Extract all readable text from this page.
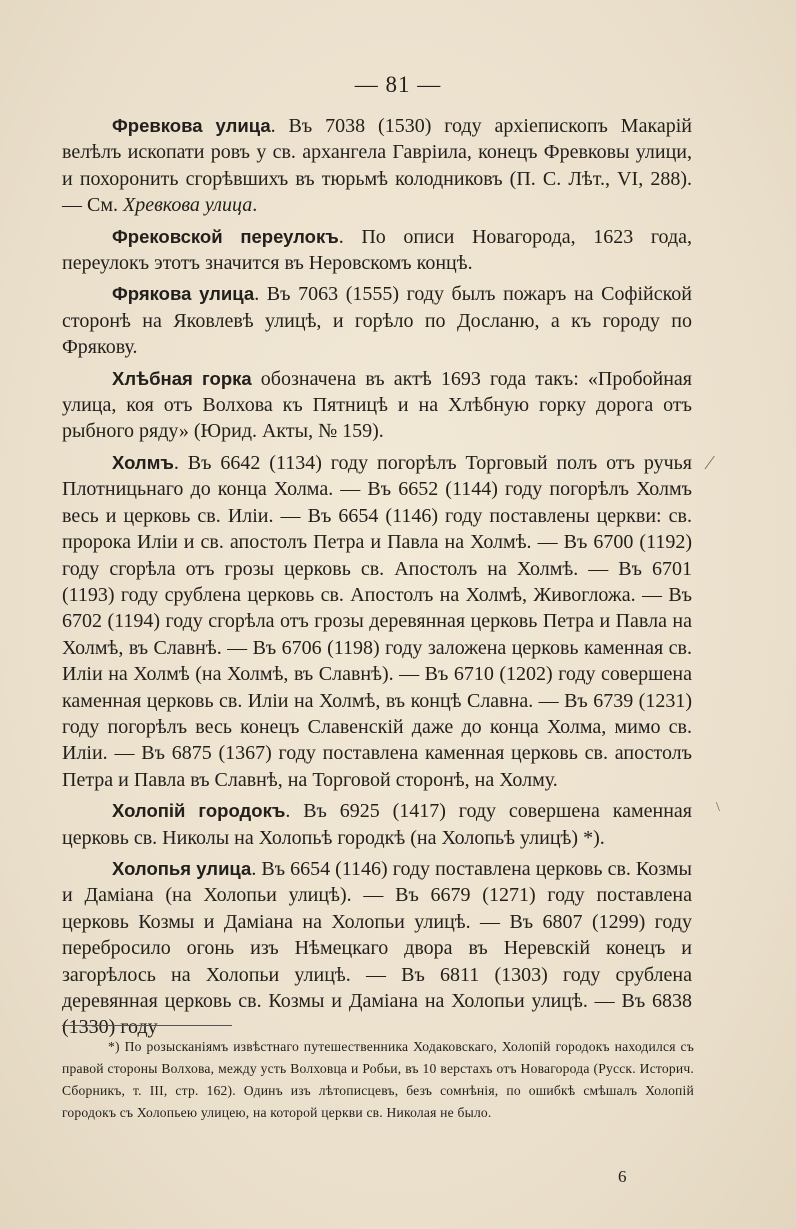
— 81 —

Фревкова улица. Въ 7038 (1530) году архіепископъ Макарій велѣлъ ископати ровъ у св. архангела Гавріила, конецъ Фревковы улици, и похоронить сгорѣвшихъ въ тюрьмѣ колодниковъ (П. С. Лѣт., VI, 288). — См. Хревкова улица.

Фрековской переулокъ. По описи Новагорода, 1623 года, переулокъ этотъ значится въ Неровскомъ концѣ.

Фрякова улица. Въ 7063 (1555) году былъ пожаръ на Софійской сторонѣ на Яковлевѣ улицѣ, и горѣло по Досланю, а къ городу по Фрякову.

Хлѣбная горка обозначена въ актѣ 1693 года такъ: «Пробойная улица, коя отъ Волхова къ Пятницѣ и на Хлѣбную горку дорога отъ рыбного ряду» (Юрид. Акты, № 159).

Холмъ. Въ 6642 (1134) году погорѣлъ Торговый полъ отъ ручья Плотницьнаго до конца Холма. — Въ 6652 (1144) году погорѣлъ Холмъ весь и церковь св. Иліи. — Въ 6654 (1146) году поставлены церкви: св. пророка Иліи и св. апостолъ Петра и Павла на Холмѣ. — Въ 6700 (1192) году сгорѣла отъ грозы церковь св. Апостолъ на Холмѣ. — Въ 6701 (1193) году срублена церковь св. Апостолъ на Холмѣ, Живогложа. — Въ 6702 (1194) году сгорѣла отъ грозы деревянная церковь Петра и Павла на Холмѣ, въ Славнѣ. — Въ 6706 (1198) году заложена церковь каменная св. Иліи на Холмѣ (на Холмѣ, въ Славнѣ). — Въ 6710 (1202) году совершена каменная церковь св. Иліи на Холмѣ, въ концѣ Славна. — Въ 6739 (1231) году погорѣлъ весь конецъ Славенскій даже до конца Холма, мимо св. Иліи. — Въ 6875 (1367) году поставлена каменная церковь св. апостолъ Петра и Павла въ Славнѣ, на Торговой сторонѣ, на Холму.

Холопій городокъ. Въ 6925 (1417) году совершена каменная церковь св. Николы на Холопьѣ городкѣ (на Холопьѣ улицѣ) *).

Холопья улица. Въ 6654 (1146) году поставлена церковь св. Козмы и Даміана (на Холопьи улицѣ). — Въ 6679 (1271) году поставлена церковь Козмы и Даміана на Холопьи улицѣ. — Въ 6807 (1299) году перебросило огонь изъ Нѣмецкаго двора въ Неревскій конецъ и загорѣлось на Холопьи улицѣ. — Въ 6811 (1303) году срублена деревянная церковь св. Козмы и Даміана на Холопьи улицѣ. — Въ 6838 (1330) году

*) По розысканіямъ извѣстнаго путешественника Ходаковскаго, Холопій городокъ находился съ правой стороны Волхова, между усть Волховца и Робьи, въ 10 верстахъ отъ Новагорода (Русск. Историч. Сборникъ, т. III, стр. 162). Одинъ изъ лѣтописцевъ, безъ сомнѣнія, по ошибкѣ смѣшалъ Холопій городокъ съ Холопьею улицею, на которой церкви св. Николая не было.

6
⁄
\
